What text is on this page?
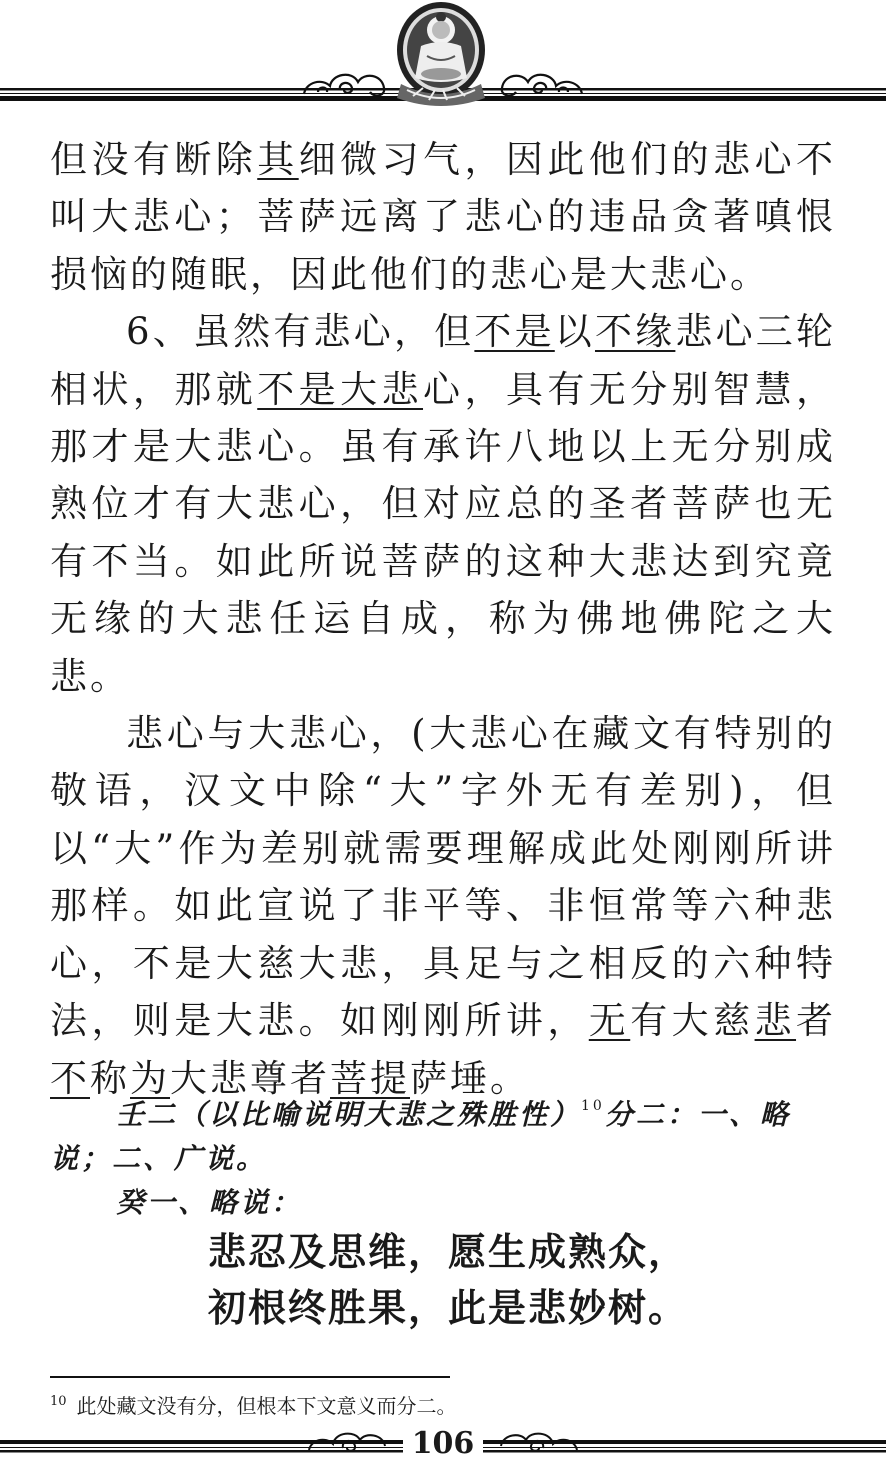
但没有断除其细微习气，因此他们的悲心不叫大悲心；菩萨远离了悲心的违品贪著嗔恨损恼的随眠，因此他们的悲心是大悲心。

6、虽然有悲心，但不是以不缘悲心三轮相状，那就不是大悲心，具有无分别智慧，那才是大悲心。虽有承许八地以上无分别成熟位才有大悲心，但对应总的圣者菩萨也无有不当。如此所说菩萨的这种大悲达到究竟无缘的大悲任运自成，称为佛地佛陀之大悲。

悲心与大悲心，(大悲心在藏文有特别的敬语，汉文中除“大”字外无有差别)，但以“大”作为差别就需要理解成此处刚刚所讲那样。如此宣说了非平等、非恒常等六种悲心，不是大慈大悲，具足与之相反的六种特法，则是大悲。如刚刚所讲，无有大慈悲者不称为大悲尊者菩提萨埵。

壬二（以比喻说明大悲之殊胜性）$^{10}$分二：一、略说；二、广说。

癸一、略说：

悲忍及思维，愿生成熟众，
初根终胜果，此是悲妙树。
$^{10}$ 此处藏文没有分，但根本下文意义而分二。
106
